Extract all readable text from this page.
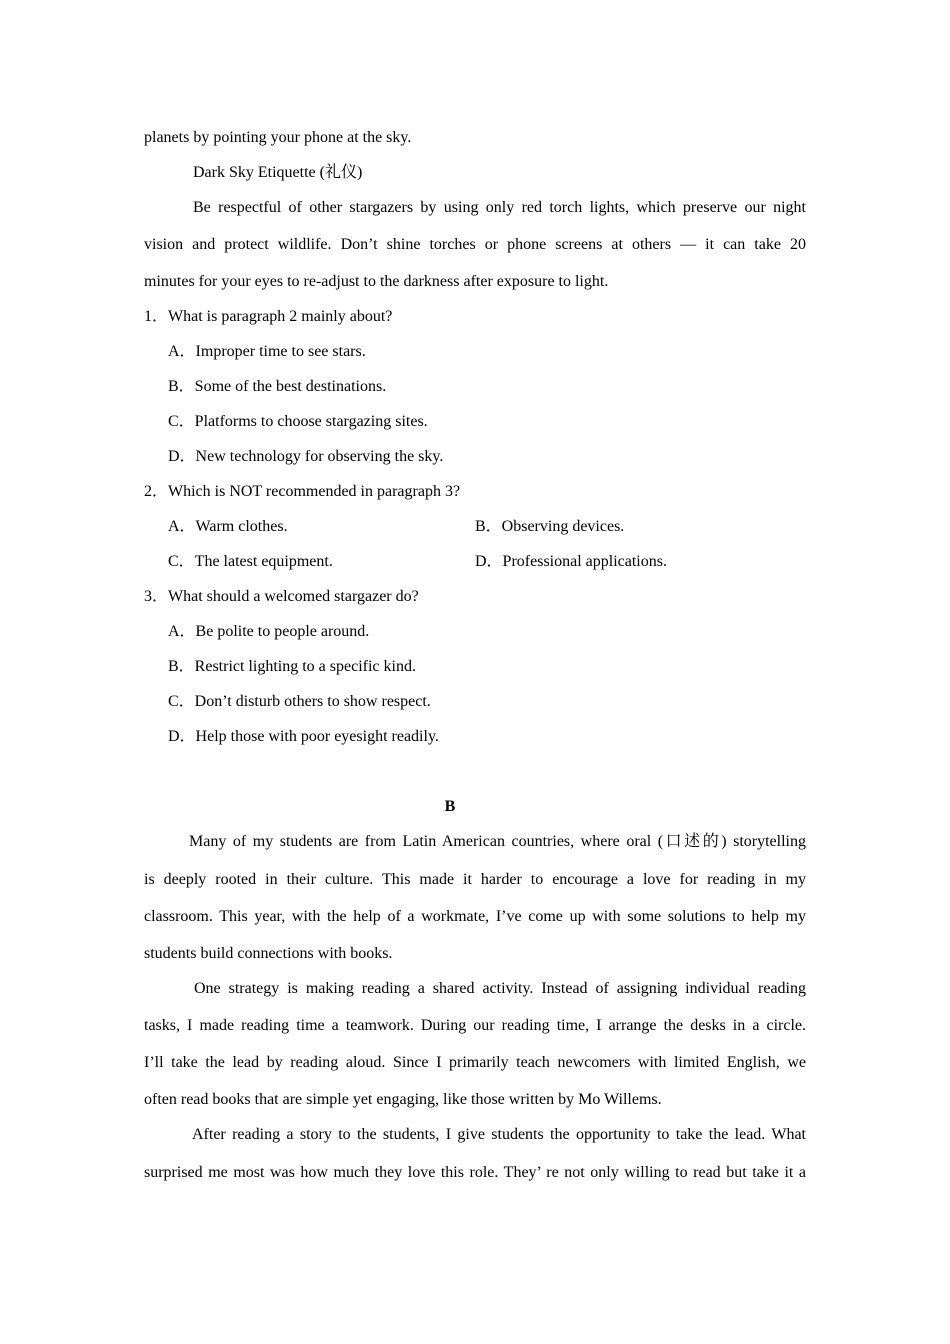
planets by pointing your phone at the sky.
Dark Sky Etiquette (礼仪)
Be respectful of other stargazers by using only red torch lights, which preserve our night
vision and protect wildlife. Don’t shine torches or phone screens at others — it can take 20
minutes for your eyes to re-adjust to the darkness after exposure to light.
1．What is paragraph 2 mainly about?
A．Improper time to see stars.
B．Some of the best destinations.
C．Platforms to choose stargazing sites.
D．New technology for observing the sky.
2．Which is NOT recommended in paragraph 3?
A．Warm clothes.	B．Observing devices.
C．The latest equipment.	D．Professional applications.
3．What should a welcomed stargazer do?
A．Be polite to people around.
B．Restrict lighting to a specific kind.
C．Don’t disturb others to show respect.
D．Help those with poor eyesight readily.
B
Many of my students are from Latin American countries, where oral (口述的) storytelling
is deeply rooted in their culture. This made it harder to encourage a love for reading in my
classroom. This year, with the help of a workmate, I’ve come up with some solutions to help my
students build connections with books.
One strategy is making reading a shared activity. Instead of assigning individual reading
tasks, I made reading time a teamwork. During our reading time, I arrange the desks in a circle.
I’ll take the lead by reading aloud. Since I primarily teach newcomers with limited English, we
often read books that are simple yet engaging, like those written by Mo Willems.
After reading a story to the students, I give students the opportunity to take the lead. What
surprised me most was how much they love this role. They’ re not only willing to read but take it a
